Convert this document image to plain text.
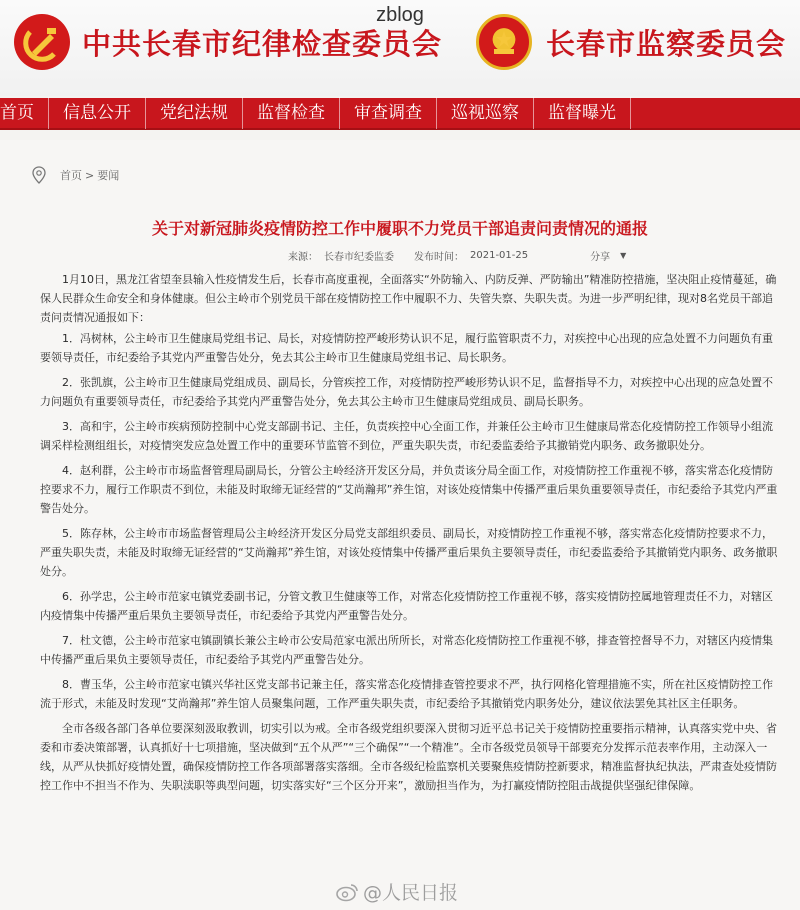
zblog
中共长春市纪律检查委员会	长春市监察委员会
首页	信息公开	党纪法规	监督检查	审查调查	巡视巡察	监督曝光
首页 > 要闻
关于对新冠肺炎疫情防控工作中履职不力党员干部追责问责情况的通报
来源： 长春市纪委监委 发布时间： 2021-01-25	分享 ▼

1月10日，黑龙江省望奎县输入性疫情发生后，长春市高度重视，全面落实“外防输入、内防反弹、严防输出”精准防控措施，坚决阻止疫情蔓延，确保人民群众生命安全和身体健康。但公主岭市个别党员干部在疫情防控工作中履职不力、失管失察、失职失责。为进一步严明纪律，现对8名党员干部追责问责情况通报如下：

1．冯树林，公主岭市卫生健康局党组书记、局长，对疫情防控严峻形势认识不足，履行监管职责不力，对疾控中心出现的应急处置不力问题负有重要领导责任，市纪委给予其党内严重警告处分，免去其公主岭市卫生健康局党组书记、局长职务。

2．张凯旗，公主岭市卫生健康局党组成员、副局长，分管疾控工作，对疫情防控严峻形势认识不足，监督指导不力，对疾控中心出现的应急处置不力问题负有重要领导责任，市纪委给予其党内严重警告处分，免去其公主岭市卫生健康局党组成员、副局长职务。

3．高和宇，公主岭市疾病预防控制中心党支部副书记、主任，负责疾控中心全面工作，并兼任公主岭市卫生健康局常态化疫情防控工作领导小组流调采样检测组组长，对疫情突发应急处置工作中的重要环节监管不到位，严重失职失责，市纪委监委给予其撤销党内职务、政务撤职处分。

4．赵利群，公主岭市市场监督管理局副局长，分管公主岭经济开发区分局，并负责该分局全面工作，对疫情防控工作重视不够，落实常态化疫情防控要求不力，履行工作职责不到位，未能及时取缔无证经营的“艾尚瀚邦”养生馆，对该处疫情集中传播严重后果负重要领导责任，市纪委给予其党内严重警告处分。

5．陈存林，公主岭市市场监督管理局公主岭经济开发区分局党支部组织委员、副局长，对疫情防控工作重视不够，落实常态化疫情防控要求不力，严重失职失责，未能及时取缔无证经营的“艾尚瀚邦”养生馆，对该处疫情集中传播严重后果负主要领导责任，市纪委监委给予其撤销党内职务、政务撤职处分。

6．孙学忠，公主岭市范家屯镇党委副书记，分管文教卫生健康等工作，对常态化疫情防控工作重视不够，落实疫情防控属地管理责任不力，对辖区内疫情集中传播严重后果负主要领导责任，市纪委给予其党内严重警告处分。

7．杜文德，公主岭市范家屯镇副镇长兼公主岭市公安局范家屯派出所所长，对常态化疫情防控工作重视不够，排查管控督导不力，对辖区内疫情集中传播严重后果负主要领导责任，市纪委给予其党内严重警告处分。

8．曹玉华，公主岭市范家屯镇兴华社区党支部书记兼主任，落实常态化疫情排查管控要求不严，执行网格化管理措施不实，所在社区疫情防控工作流于形式，未能及时发现“艾尚瀚邦”养生馆人员聚集问题，工作严重失职失责，市纪委给予其撤销党内职务处分，建议依法罢免其社区主任职务。

全市各级各部门各单位要深刻汲取教训，切实引以为戒。全市各级党组织要深入贯彻习近平总书记关于疫情防控重要指示精神，认真落实党中央、省委和市委决策部署，认真抓好十七项措施，坚决做到“五个从严”“三个确保”“一个精准”。全市各级党员领导干部要充分发挥示范表率作用，主动深入一线，从严从快抓好疫情处置，确保疫情防控工作各项部署落实落细。全市各级纪检监察机关要聚焦疫情防控新要求，精准监督执纪执法，严肃查处疫情防控工作中不担当不作为、失职渎职等典型问题，切实落实好“三个区分开来”，激励担当作为，为打赢疫情防控阻击战提供坚强纪律保障。

@人民日报
